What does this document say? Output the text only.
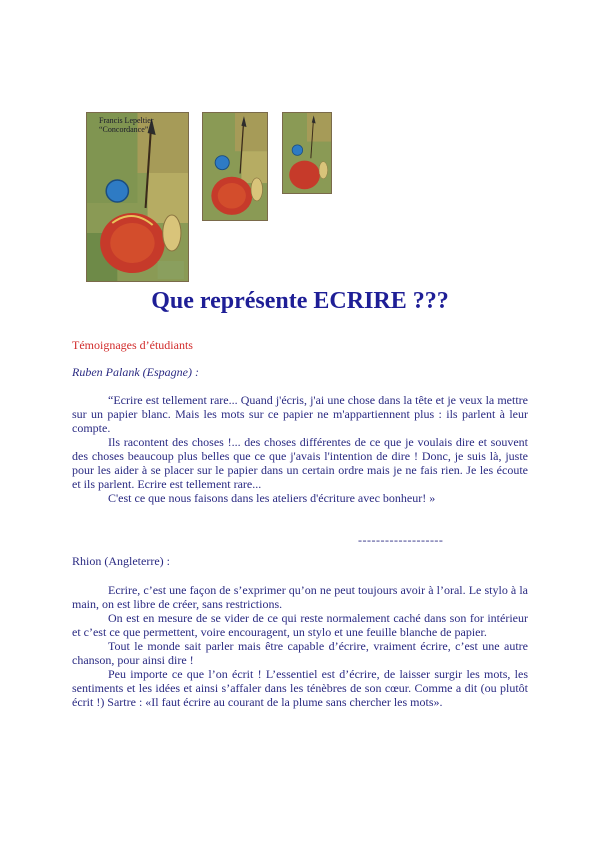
Francis Lepeltier
“Concordance”
Que représente ECRIRE ???
Témoignages d’étudiants
Ruben Palank (Espagne) :

“Ecrire est tellement rare... Quand j'écris, j'ai une chose dans la tête et je veux la mettre sur un papier blanc. Mais les mots sur ce papier ne m'appartiennent plus : ils parlent à leur compte.

Ils racontent des choses !... des choses différentes de ce que je voulais dire et souvent des choses beaucoup plus belles que ce que j'avais l'intention de dire ! Donc, je suis là, juste pour les aider à se placer sur le papier dans un certain ordre mais je ne fais rien. Je les écoute et ils parlent. Ecrire est tellement rare...

C'est ce que nous faisons dans les ateliers d'écriture avec bonheur! »

-------------------
Rhion (Angleterre) :

Ecrire, c’est une façon de s’exprimer qu’on ne peut toujours avoir à l’oral. Le stylo à la main, on est libre de créer, sans restrictions.

On est en mesure de se vider de ce qui reste normalement caché dans son for intérieur et c’est ce que permettent, voire encouragent, un stylo et une feuille blanche de papier.

Tout le monde sait parler mais être capable d’écrire, vraiment écrire, c’est une autre chanson, pour ainsi dire !

Peu importe ce que l’on écrit ! L’essentiel est d’écrire, de laisser surgir les mots, les sentiments et les idées et ainsi s’affaler dans les ténèbres de son cœur. Comme a dit (ou plutôt écrit !) Sartre : «Il faut écrire au courant de la plume sans chercher les mots».
